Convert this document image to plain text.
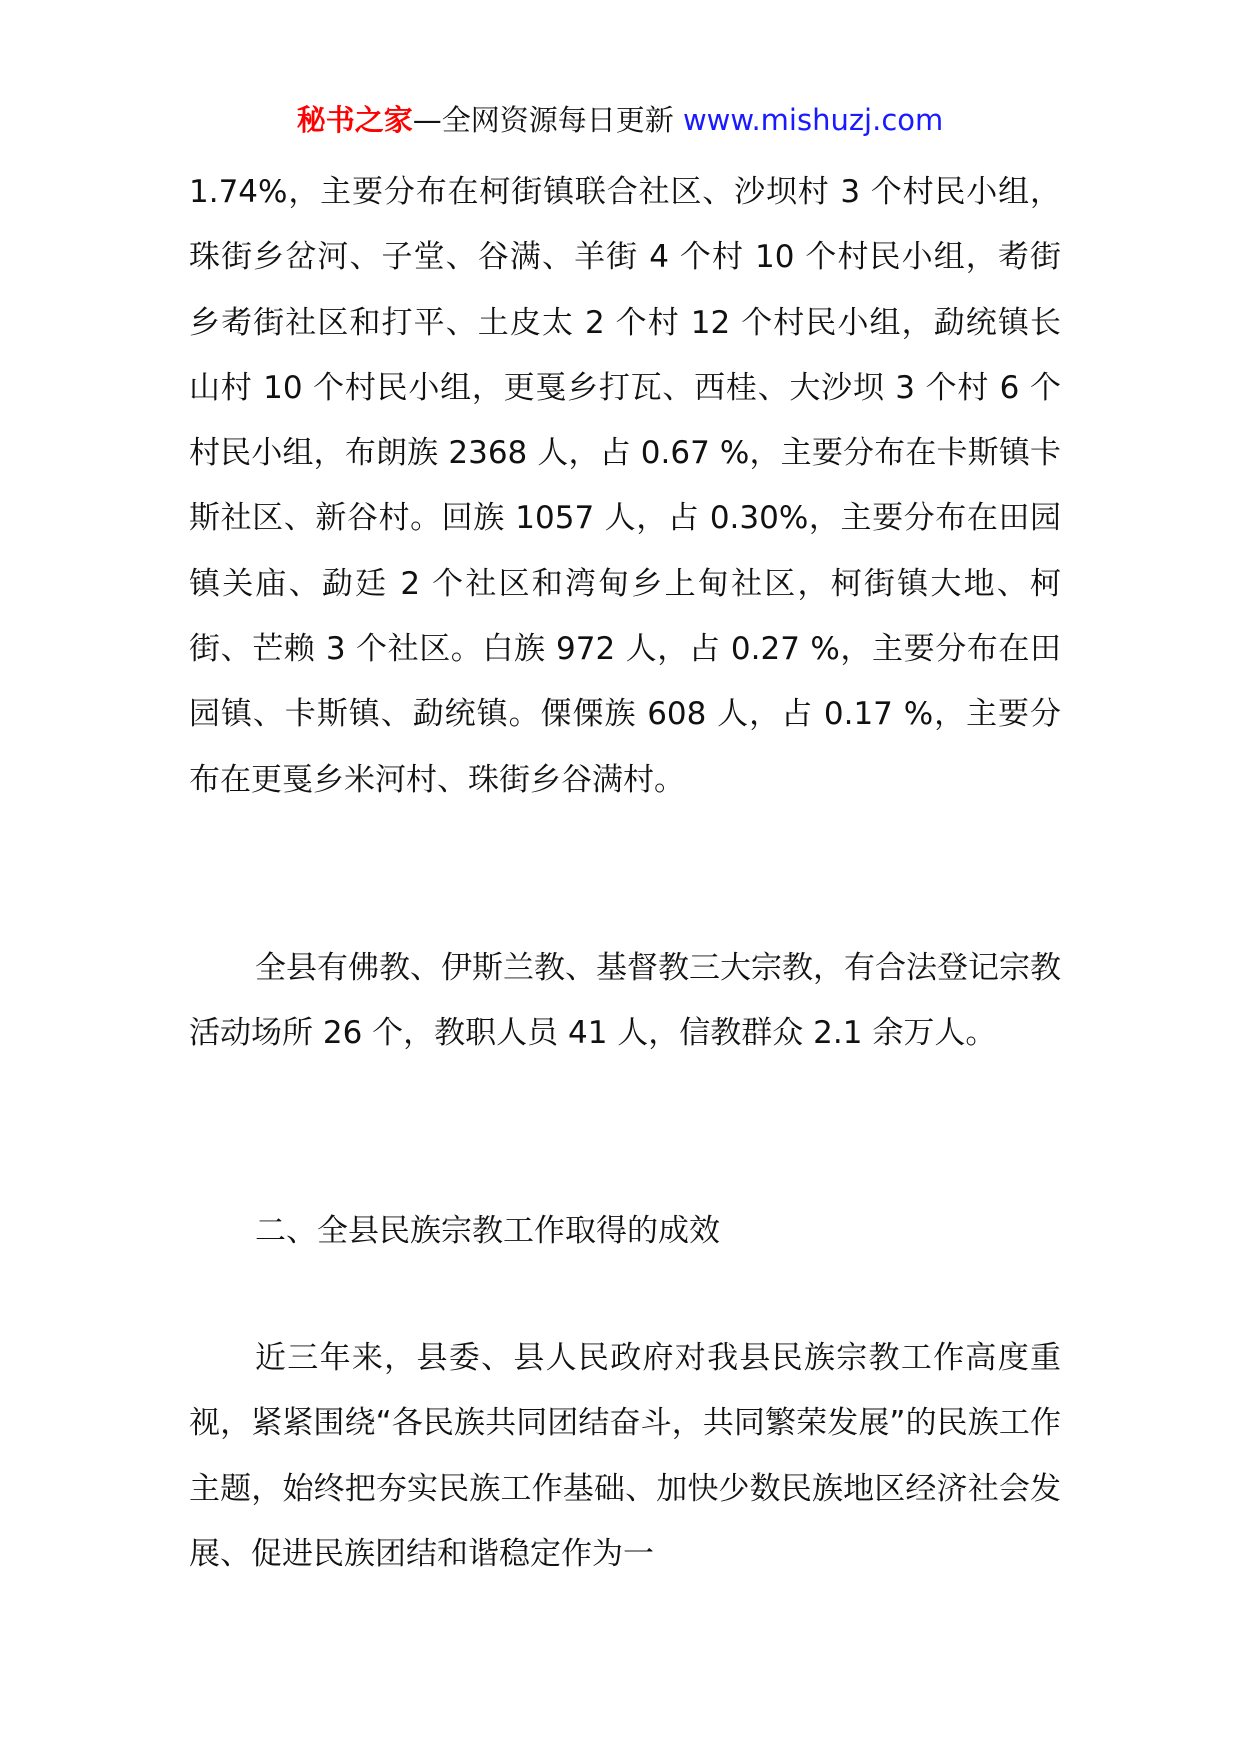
秘书之家—全网资源每日更新 www.mishuzj.com

1.74%，主要分布在柯街镇联合社区、沙坝村 3 个村民小组，珠街乡岔河、子堂、谷满、羊街 4 个村 10 个村民小组，耇街乡耇街社区和打平、土皮太 2 个村 12 个村民小组，勐统镇长山村 10 个村民小组，更戛乡打瓦、西桂、大沙坝 3 个村 6 个村民小组，布朗族 2368 人，占 0.67 %，主要分布在卡斯镇卡斯社区、新谷村。回族 1057 人，占 0.30%，主要分布在田园镇关庙、勐廷 2 个社区和湾甸乡上甸社区，柯街镇大地、柯街、芒赖 3 个社区。白族 972 人，占 0.27 %，主要分布在田园镇、卡斯镇、勐统镇。傈傈族 608 人，占 0.17 %，主要分布在更戛乡米河村、珠街乡谷满村。

全县有佛教、伊斯兰教、基督教三大宗教，有合法登记宗教活动场所 26 个，教职人员 41 人，信教群众 2.1 余万人。

二、全县民族宗教工作取得的成效

近三年来，县委、县人民政府对我县民族宗教工作高度重视，紧紧围绕“各民族共同团结奋斗，共同繁荣发展”的民族工作主题，始终把夯实民族工作基础、加快少数民族地区经济社会发展、促进民族团结和谐稳定作为一
